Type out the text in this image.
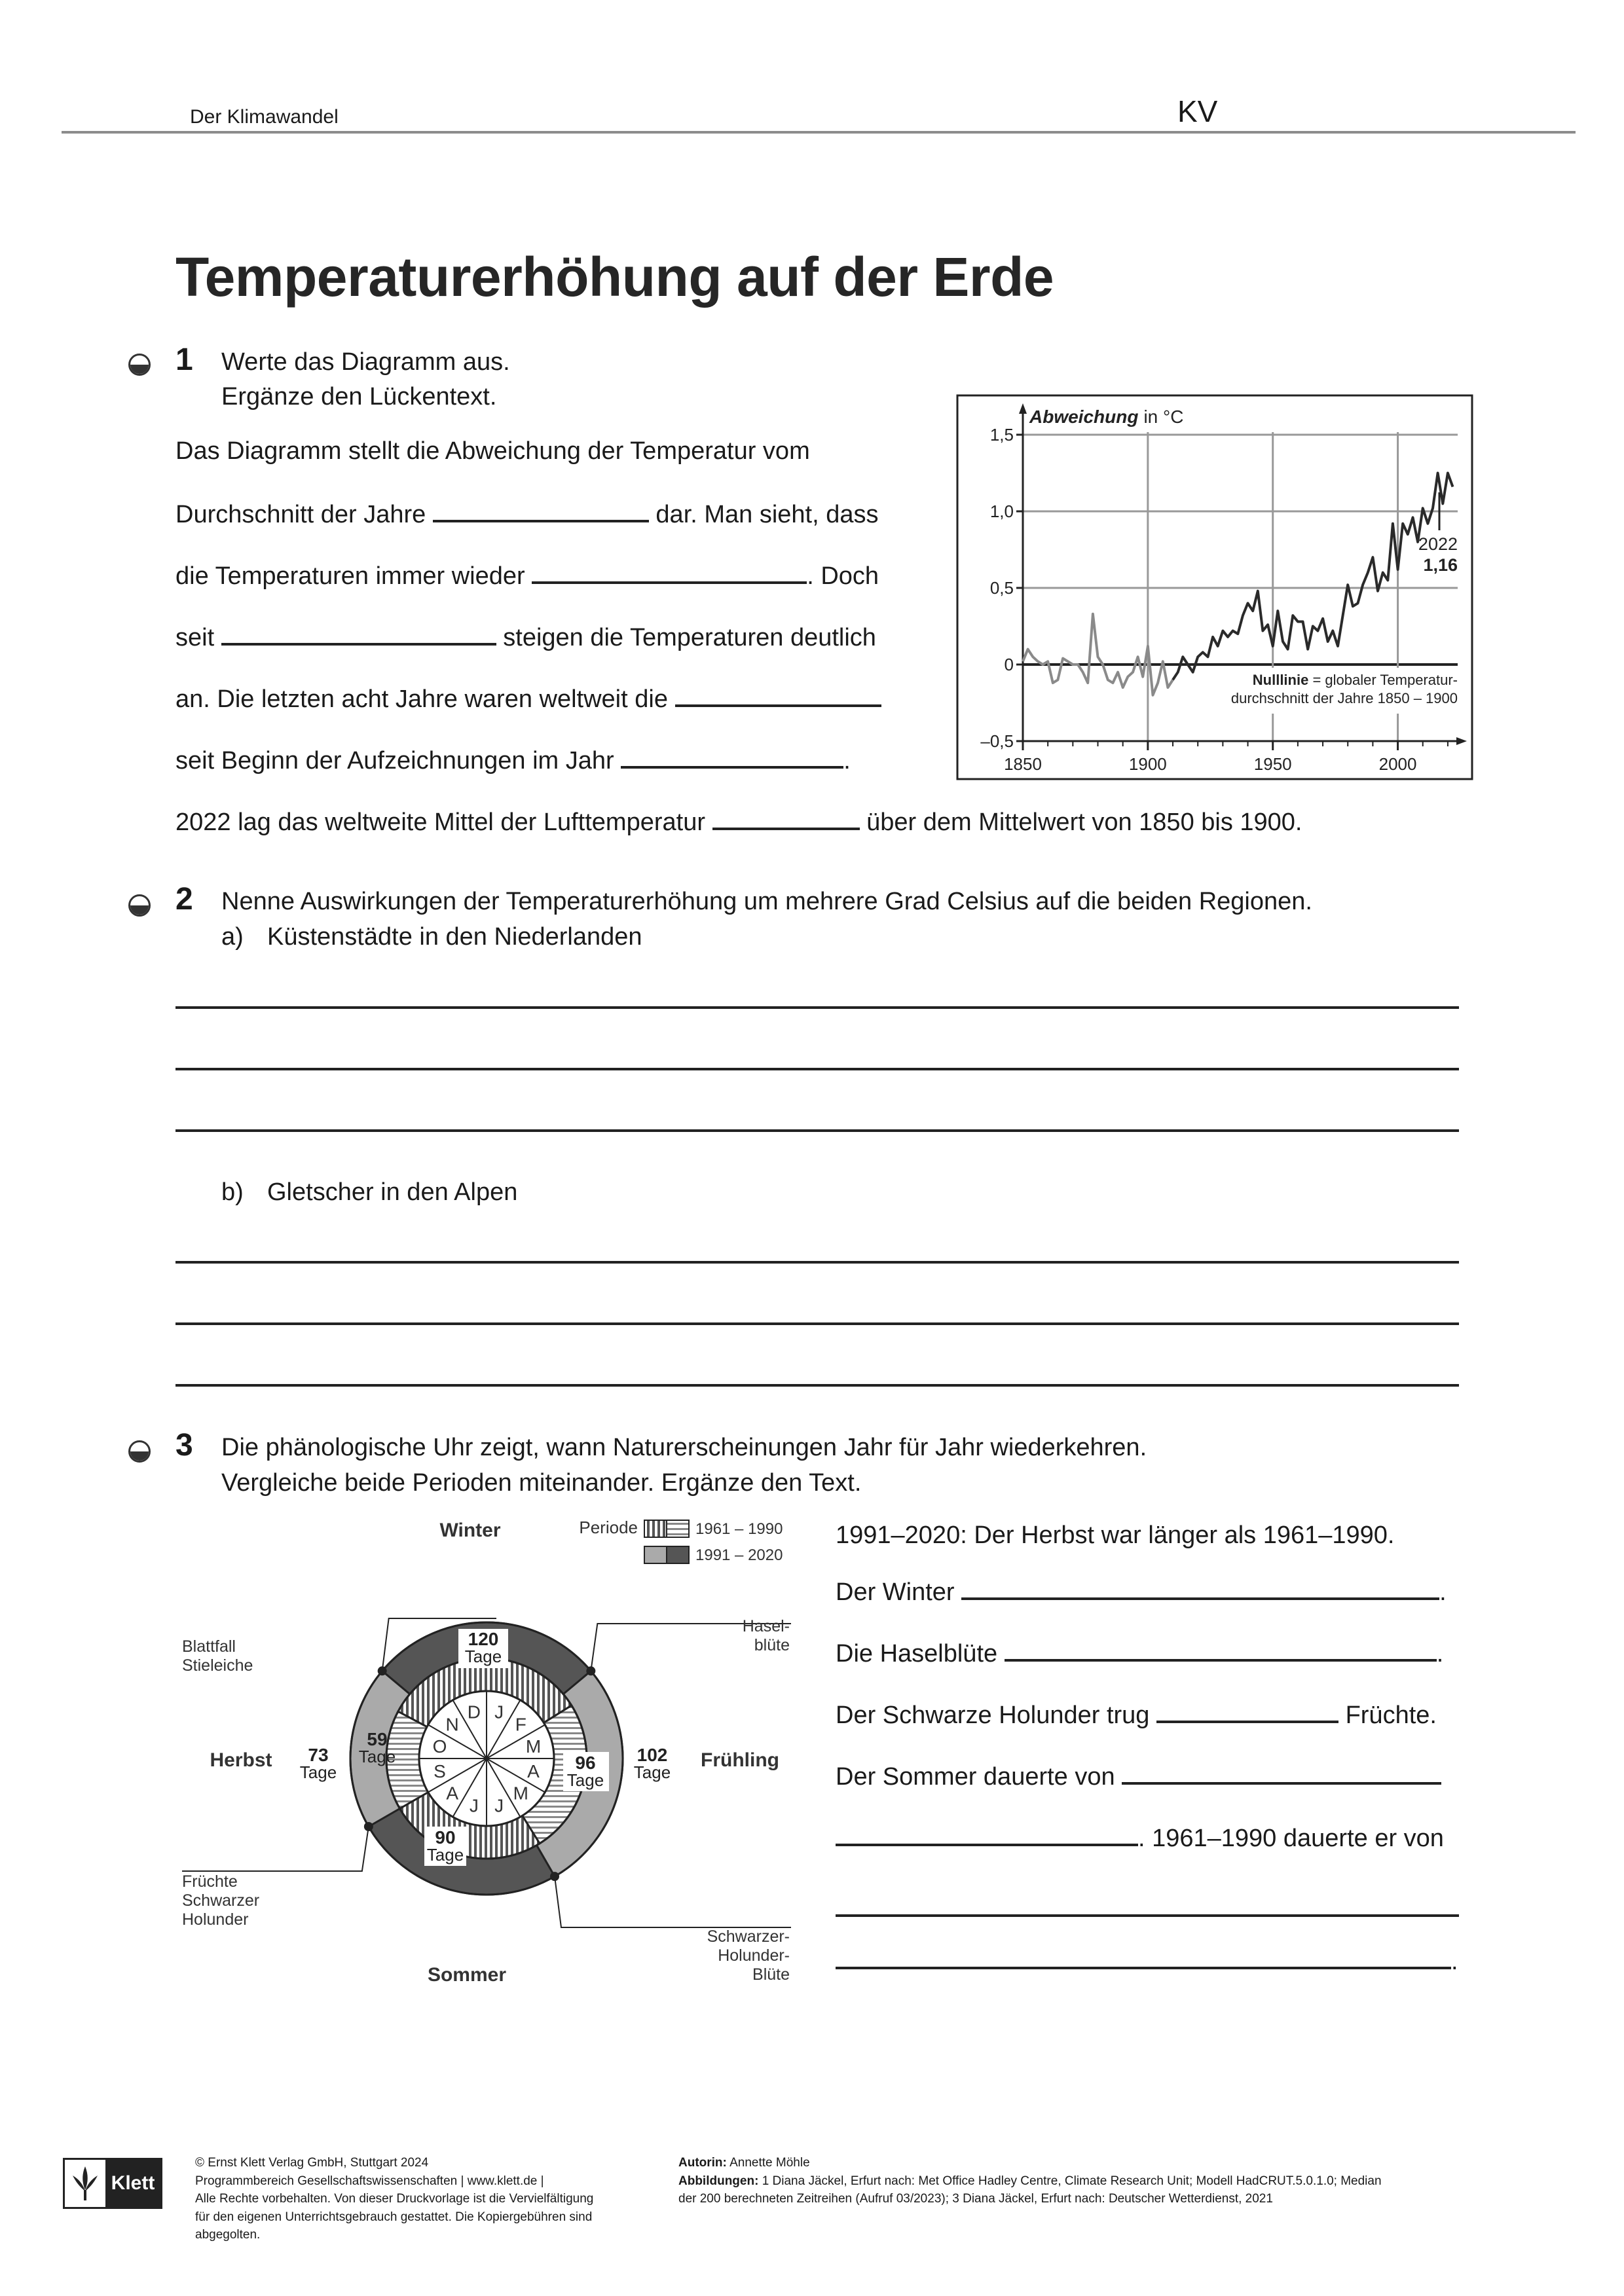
Der Klimawandel	KV
Temperaturerhöhung auf der Erde
1 Werte das Diagramm aus.
Ergänze den Lückentext.
Das Diagramm stellt die Abweichung der Temperatur vom
Durchschnitt der Jahre	dar. Man sieht, dass
die Temperaturen immer wieder	. Doch
seit	steigen die Temperaturen deutlich
an. Die letzten acht Jahre waren weltweit die
seit Beginn der Aufzeichnungen im Jahr	.
2022 lag das weltweite Mittel der Lufttemperatur	über dem Mittelwert von 1850 bis 1900.
Abweichung in °C
1,5
1,0
0,5
0
–0,5
1850	1900	1950	2000
2022
1,16
Nulllinie = globaler Temperatur-
durchschnitt der Jahre 1850 – 1900
2 Nenne Auswirkungen der Temperaturerhöhung um mehrere Grad Celsius auf die beiden Regionen.
a) Küstenstädte in den Niederlanden
b) Gletscher in den Alpen
3 Die phänologische Uhr zeigt, wann Naturerscheinungen Jahr für Jahr wiederkehren.
Vergleiche beide Perioden miteinander. Ergänze den Text.
J
F
M
A
M
J
J
A
S
O
N
D
Winter
Frühling
Sommer
Herbst
101
Tage
102
Tage
89
Tage
73
Tage
120
Tage
96
Tage
90
Tage
59
Tage
Periode	1961 – 1990
1991 – 2020
Blattfall
Stieleiche
Hasel-
blüte
Früchte
Schwarzer
Holunder
Schwarzer-
Holunder-
Blüte
1991–2020: Der Herbst war länger als 1961–1990.
Der Winter	.
Die Haselblüte	.
Der Schwarze Holunder trug	Früchte.
Der Sommer dauerte von
. 1961–1990 dauerte er von
.
Klett
© Ernst Klett Verlag GmbH, Stuttgart 2024
Programmbereich Gesellschaftswissenschaften | www.klett.de |
Alle Rechte vorbehalten. Von dieser Druckvorlage ist die Vervielfältigung
für den eigenen Unterrichtsgebrauch gestattet. Die Kopiergebühren sind
abgegolten.
Autorin: Annette Möhle
Abbildungen: 1 Diana Jäckel, Erfurt nach: Met Office Hadley Centre, Climate Research Unit; Modell HadCRUT.5.0.1.0; Median
der 200 berechneten Zeitreihen (Aufruf 03/2023); 3 Diana Jäckel, Erfurt nach: Deutscher Wetterdienst, 2021
